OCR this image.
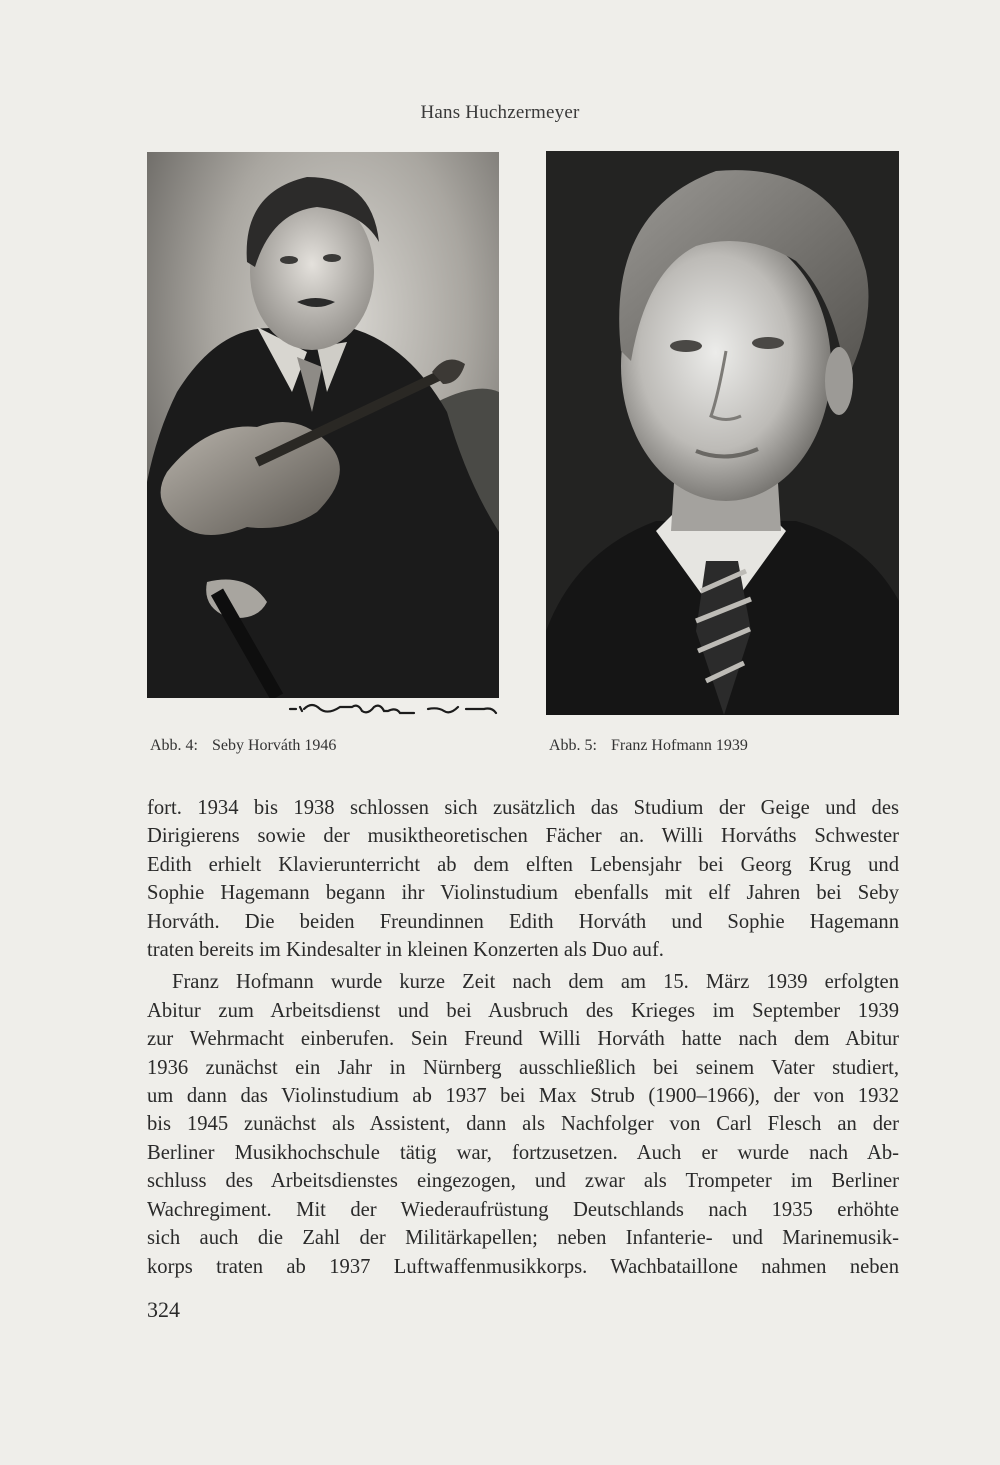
Hans Huchzermeyer
Abb. 4: Seby Horváth 1946	Abb. 5: Franz Hofmann 1939

fort. 1934 bis 1938 schlossen sich zusätzlich das Studium der Geige und des
Dirigierens sowie der musiktheoretischen Fächer an. Willi Horváths Schwester
Edith erhielt Klavierunterricht ab dem elften Lebensjahr bei Georg Krug und
Sophie Hagemann begann ihr Violinstudium ebenfalls mit elf Jahren bei Seby
Horváth. Die beiden Freundinnen Edith Horváth und Sophie Hagemann
traten bereits im Kindesalter in kleinen Konzerten als Duo auf.

Franz Hofmann wurde kurze Zeit nach dem am 15. März 1939 erfolgten
Abitur zum Arbeitsdienst und bei Ausbruch des Krieges im September 1939
zur Wehrmacht einberufen. Sein Freund Willi Horváth hatte nach dem Abitur
1936 zunächst ein Jahr in Nürnberg ausschließlich bei seinem Vater studiert,
um dann das Violinstudium ab 1937 bei Max Strub (1900–1966), der von 1932
bis 1945 zunächst als Assistent, dann als Nachfolger von Carl Flesch an der
Berliner Musikhochschule tätig war, fortzusetzen. Auch er wurde nach Ab-
schluss des Arbeitsdienstes eingezogen, und zwar als Trompeter im Berliner
Wachregiment. Mit der Wiederaufrüstung Deutschlands nach 1935 erhöhte
sich auch die Zahl der Militärkapellen; neben Infanterie- und Marinemusik-
korps traten ab 1937 Luftwaffenmusikkorps. Wachbataillone nahmen neben

324
